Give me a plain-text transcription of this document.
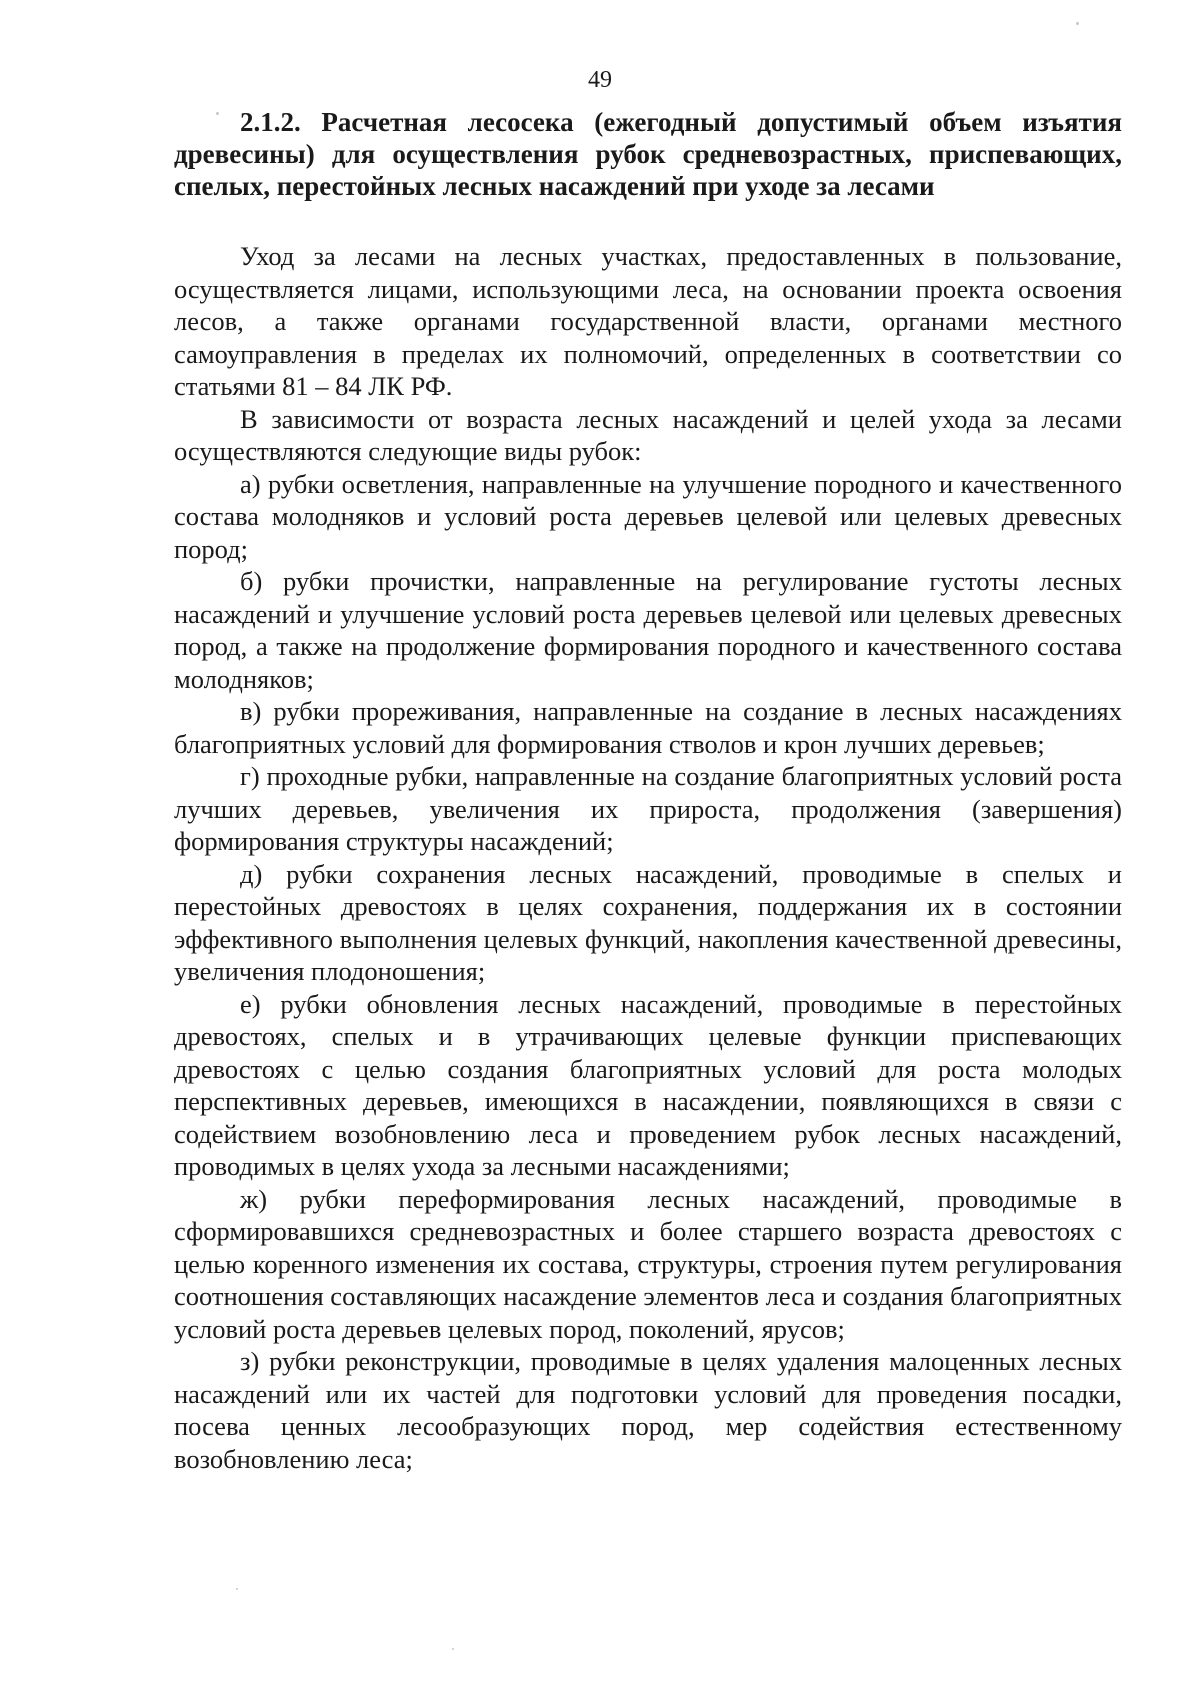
49
2.1.2. Расчетная лесосека (ежегодный допустимый объем изъятия древесины) для осуществления рубок средневозрастных, приспевающих, спелых, перестойных лесных насаждений при уходе за лесами

Уход за лесами на лесных участках, предоставленных в пользование, осуществляется лицами, использующими леса, на основании проекта освоения лесов, а также органами государственной власти, органами местного самоуправления в пределах их полномочий, определенных в соответствии со статьями 81 – 84 ЛК РФ.

В зависимости от возраста лесных насаждений и целей ухода за лесами осуществляются следующие виды рубок:

а) рубки осветления, направленные на улучшение породного и качественного состава молодняков и условий роста деревьев целевой или целевых древесных пород;

б) рубки прочистки, направленные на регулирование густоты лесных насаждений и улучшение условий роста деревьев целевой или целевых древесных пород, а также на продолжение формирования породного и качественного состава молодняков;

в) рубки прореживания, направленные на создание в лесных насаждениях благоприятных условий для формирования стволов и крон лучших деревьев;

г) проходные рубки, направленные на создание благоприятных условий роста лучших деревьев, увеличения их прироста, продолжения (завершения) формирования структуры насаждений;

д) рубки сохранения лесных насаждений, проводимые в спелых и перестойных древостоях в целях сохранения, поддержания их в состоянии эффективного выполнения целевых функций, накопления качественной древесины, увеличения плодоношения;

е) рубки обновления лесных насаждений, проводимые в перестойных древостоях, спелых и в утрачивающих целевые функции приспевающих древостоях с целью создания благоприятных условий для роста молодых перспективных деревьев, имеющихся в насаждении, появляющихся в связи с содействием возобновлению леса и проведением рубок лесных насаждений, проводимых в целях ухода за лесными насаждениями;

ж) рубки переформирования лесных насаждений, проводимые в сформировавшихся средневозрастных и более старшего возраста древостоях с целью коренного изменения их состава, структуры, строения путем регулирования соотношения составляющих насаждение элементов леса и создания благоприятных условий роста деревьев целевых пород, поколений, ярусов;

з) рубки реконструкции, проводимые в целях удаления малоценных лесных насаждений или их частей для подготовки условий для проведения посадки, посева ценных лесообразующих пород, мер содействия естественному возобновлению леса;
